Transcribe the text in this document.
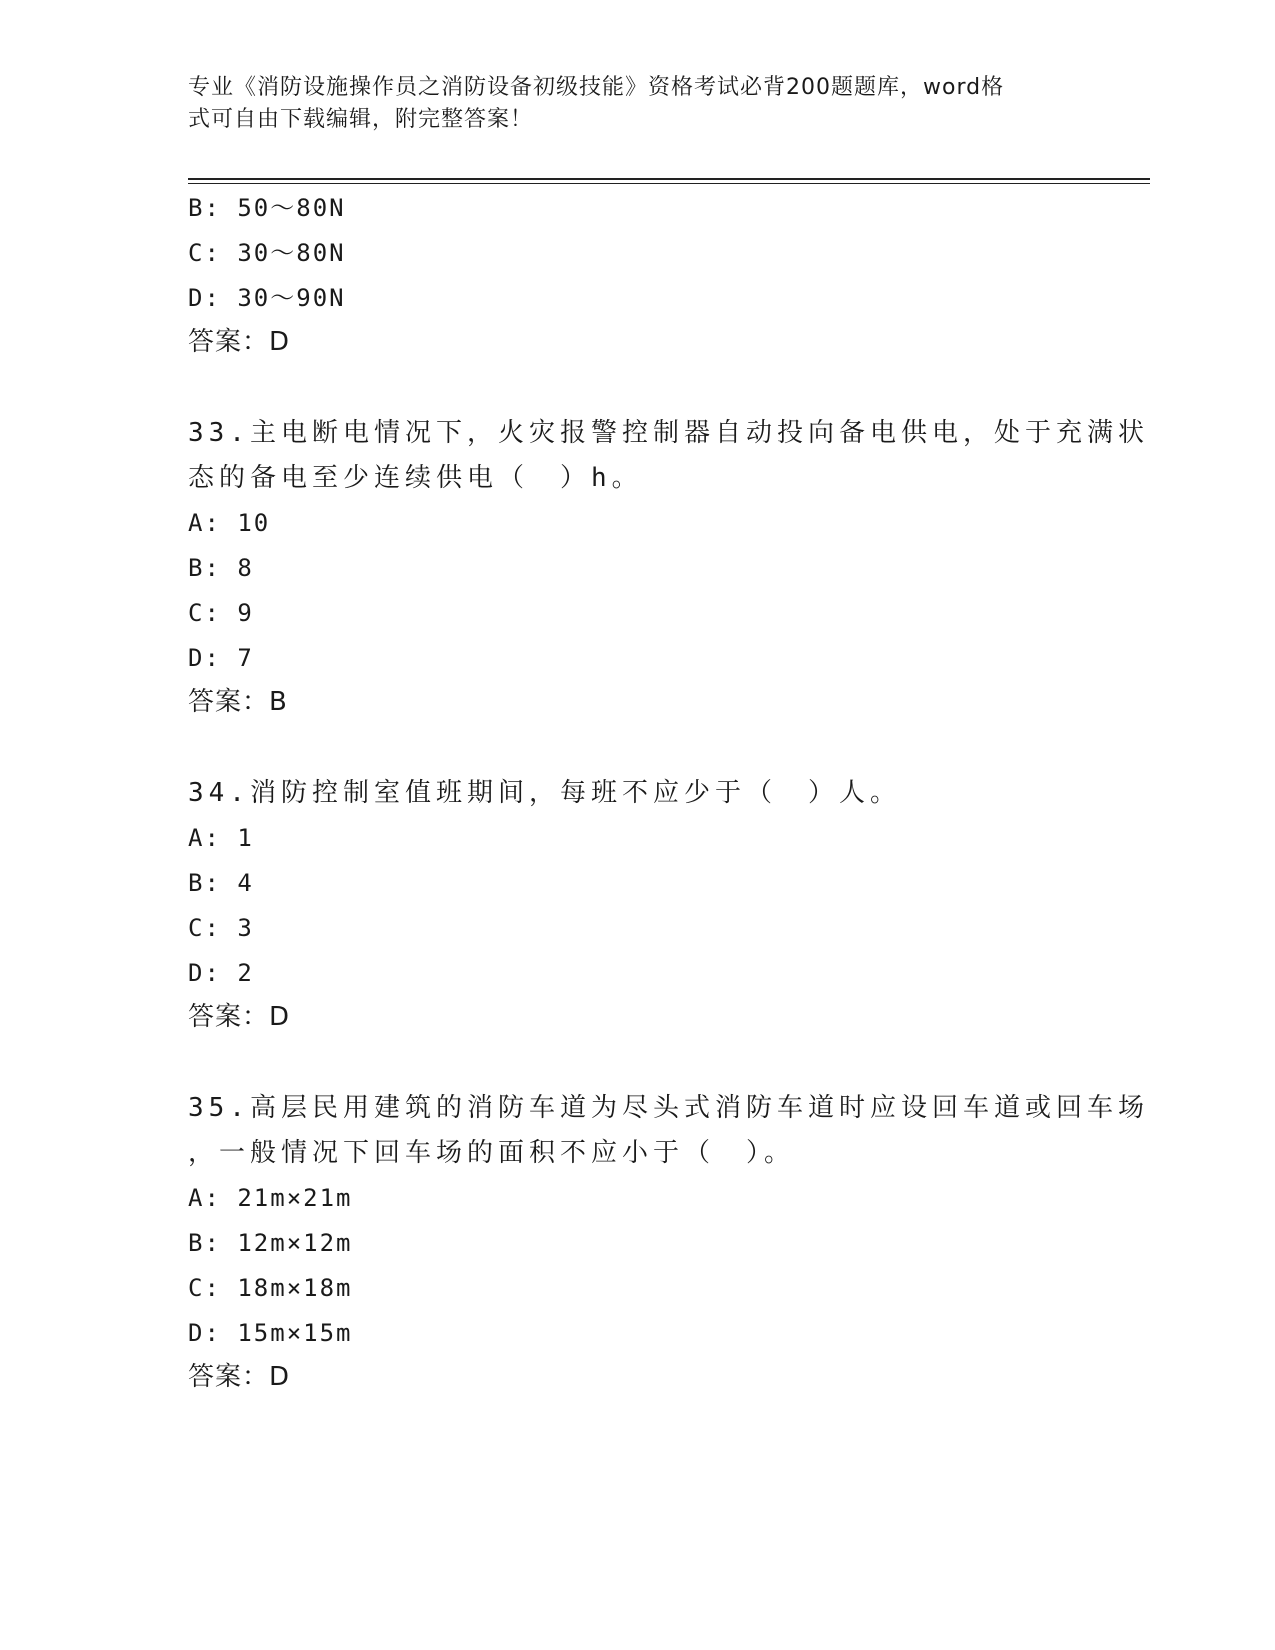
专业《消防设施操作员之消防设备初级技能》资格考试必背200题题库，word格
式可自由下载编辑，附完整答案！
B: 50～80N
C: 30～80N
D: 30～90N
答案：D
33.主电断电情况下，火灾报警控制器自动投向备电供电，处于充满状
态的备电至少连续供电（　）h。
A: 10
B: 8
C: 9
D: 7
答案：B
34.消防控制室值班期间，每班不应少于（　）人。
A: 1
B: 4
C: 3
D: 2
答案：D
35.高层民用建筑的消防车道为尽头式消防车道时应设回车道或回车场
，一般情况下回车场的面积不应小于（　）。
A: 21m×21m
B: 12m×12m
C: 18m×18m
D: 15m×15m
答案：D
